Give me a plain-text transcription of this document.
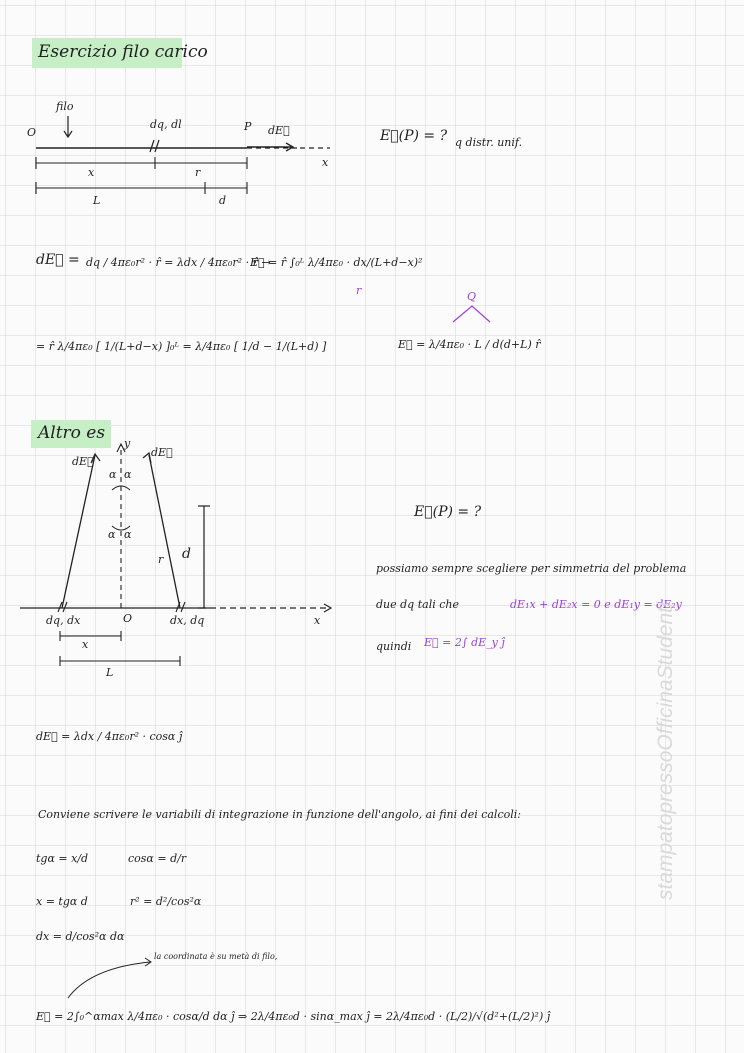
Esercizio filo carico
O
filo
dq, dl	P dE⃗
x
x	r
L	d
E⃗(P) = ? q distr. unif.
dE⃗ = dq / 4πε₀r² · r̂ = λdx / 4πε₀r² · r̂ →
E⃗ = r̂ ∫₀ᴸ λ/4πε₀ · dx/(L+d−x)²
r
= r̂ λ/4πε₀ [ 1/(L+d−x) ]₀ᴸ = λ/4πε₀ [ 1/d − 1/(L+d) ]
Q
E⃗ = λ/4πε₀ · L / d(d+L) r̂
Altro es
dE⃗
dE⃗
y
α α
α α
r d
dq, dx	O	dx, dq	x
x
L
E⃗(P) = ?
possiamo sempre scegliere per simmetria del problema
due dq tali che	dE₁x + dE₂x = 0 e dE₁y = dE₂y
quindi E⃗ = 2∫ dE_y ĵ
dE⃗ = λdx / 4πε₀r² · cosα ĵ
Conviene scrivere le variabili di integrazione in funzione dell'angolo, ai fini dei calcoli:
tgα = x/d	cosα = d/r
x = tgα d	r² = d²/cos²α
dx = d/cos²α dα
la coordinata è su metà di filo,
E⃗ = 2∫₀^αmax λ/4πε₀ · cosα/d dα ĵ ⇒ 2λ/4πε₀d · sinα_max ĵ = 2λ/4πε₀d · (L/2)/√(d²+(L/2)²) ĵ
stampatopressoOfficinaStudenti
